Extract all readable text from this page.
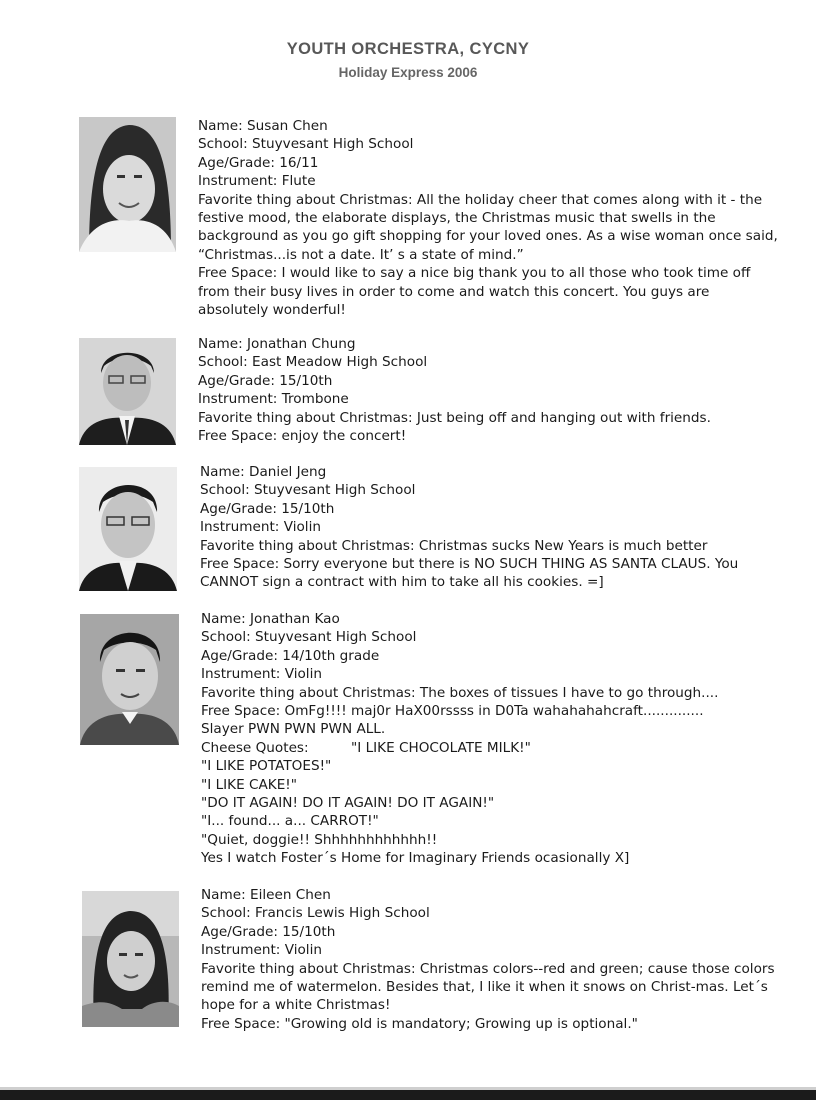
YOUTH ORCHESTRA, CYCNY
Holiday Express 2006
Name: Susan Chen
School: Stuyvesant High School
Age/Grade: 16/11
Instrument: Flute
Favorite thing about Christmas: All the holiday cheer that comes along with it - the festive mood, the elaborate displays, the Christmas music that swells in the background as you go gift shopping for your loved ones. As a wise woman once said, “Christmas...is not a date. It’ s a state of mind.”
Free Space: I would like to say a nice big thank you to all those who took time off from their busy lives in order to come and watch this concert. You guys are absolutely wonderful!
Name: Jonathan Chung
School: East Meadow High School
Age/Grade: 15/10th
Instrument: Trombone
Favorite thing about Christmas: Just being off and hanging out with friends.
Free Space: enjoy the concert!
Name: Daniel Jeng
School: Stuyvesant High School
Age/Grade: 15/10th
Instrument: Violin
Favorite thing about Christmas: Christmas sucks New Years is much better
Free Space: Sorry everyone but there is NO SUCH THING AS SANTA CLAUS. You CANNOT sign a contract with him to take all his cookies. =]
Name: Jonathan Kao
School: Stuyvesant High School
Age/Grade: 14/10th grade
Instrument: Violin
Favorite thing about Christmas: The boxes of tissues I have to go through....
Free Space: OmFg!!!! maj0r HaX00rssss in D0Ta wahahahahcraft..............
Slayer PWN PWN PWN ALL.
Cheese Quotes:	"I LIKE CHOCOLATE MILK!"
"I LIKE POTATOES!"
"I LIKE CAKE!"
"DO IT AGAIN! DO IT AGAIN! DO IT AGAIN!"
"I... found... a... CARROT!"
"Quiet, doggie!! Shhhhhhhhhhhh!!
Yes I watch Foster´s Home for Imaginary Friends ocasionally X]
Name: Eileen Chen
School: Francis Lewis High School
Age/Grade: 15/10th
Instrument: Violin
Favorite thing about Christmas: Christmas colors--red and green; cause those colors remind me of watermelon. Besides that, I like it when it snows on Christ-mas. Let´s hope for a white Christmas!
Free Space: "Growing old is mandatory; Growing up is optional."
